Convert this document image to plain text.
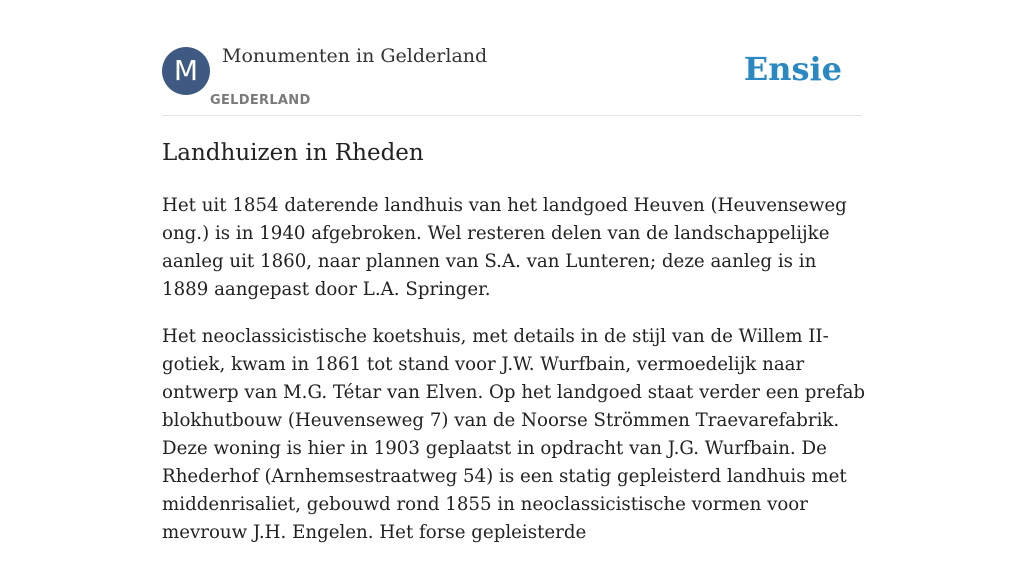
M	Monumenten in Gelderland
GELDERLAND
Ensie
Landhuizen in Rheden

Het uit 1854 daterende landhuis van het landgoed Heuven (Heuvenseweg ong.) is in 1940 afgebroken. Wel resteren delen van de landschappelijke aanleg uit 1860, naar plannen van S.A. van Lunteren; deze aanleg is in 1889 aangepast door L.A. Springer.

Het neoclassicistische koetshuis, met details in de stijl van de Willem II-gotiek, kwam in 1861 tot stand voor J.W. Wurfbain, vermoedelijk naar ontwerp van M.G. Tétar van Elven. Op het landgoed staat verder een prefab blokhutbouw (Heuvenseweg 7) van de Noorse Strömmen Traevarefabrik. Deze woning is hier in 1903 geplaatst in opdracht van J.G. Wurfbain. De Rhederhof (Arnhemsestraatweg 54) is een statig gepleisterd landhuis met middenrisaliet, gebouwd rond 1855 in neoclassicistische vormen voor mevrouw J.H. Engelen. Het forse gepleisterde
